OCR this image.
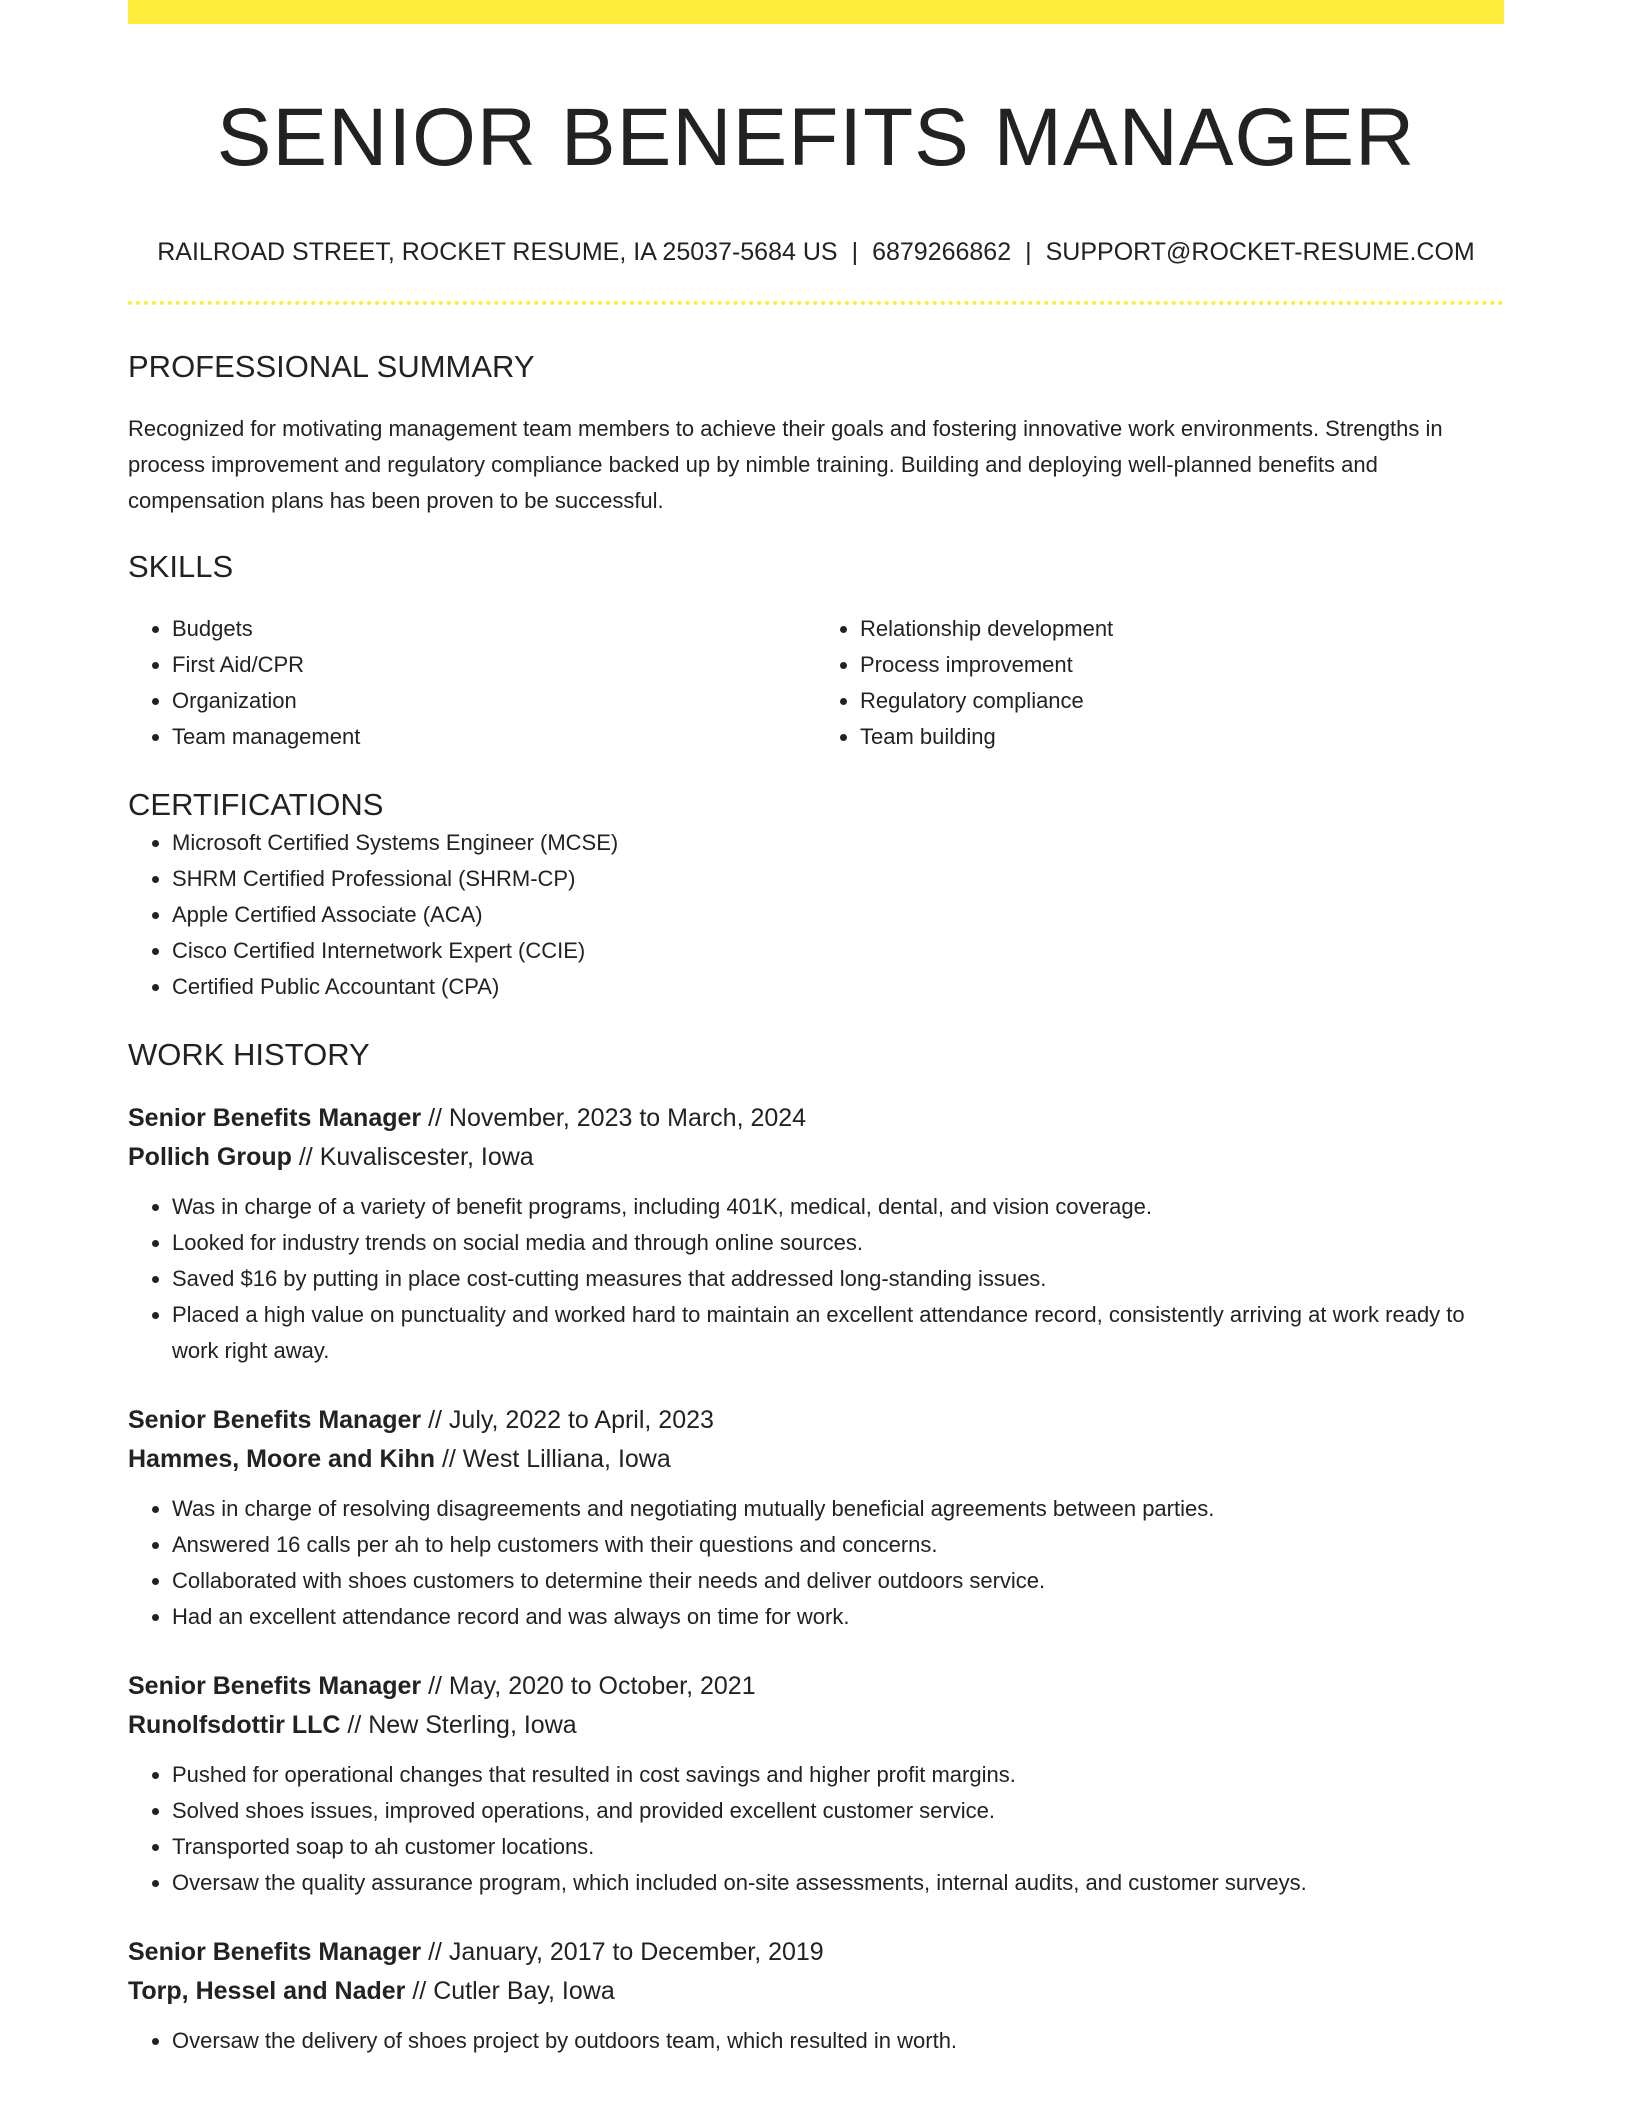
SENIOR BENEFITS MANAGER
RAILROAD STREET, ROCKET RESUME, IA 25037-5684 US | 6879266862 | SUPPORT@ROCKET-RESUME.COM
PROFESSIONAL SUMMARY

Recognized for motivating management team members to achieve their goals and fostering innovative work environments. Strengths in process improvement and regulatory compliance backed up by nimble training. Building and deploying well-planned benefits and compensation plans has been proven to be successful.

SKILLS
• Budgets
• First Aid/CPR
• Organization
• Team management
• Relationship development
• Process improvement
• Regulatory compliance
• Team building
CERTIFICATIONS
• Microsoft Certified Systems Engineer (MCSE)
• SHRM Certified Professional (SHRM-CP)
• Apple Certified Associate (ACA)
• Cisco Certified Internetwork Expert (CCIE)
• Certified Public Accountant (CPA)
WORK HISTORY
Senior Benefits Manager // November, 2023 to March, 2024
Pollich Group // Kuvaliscester, Iowa
• Was in charge of a variety of benefit programs, including 401K, medical, dental, and vision coverage.
• Looked for industry trends on social media and through online sources.
• Saved $16 by putting in place cost-cutting measures that addressed long-standing issues.
• Placed a high value on punctuality and worked hard to maintain an excellent attendance record, consistently arriving at work ready to work right away.
Senior Benefits Manager // July, 2022 to April, 2023
Hammes, Moore and Kihn // West Lilliana, Iowa
• Was in charge of resolving disagreements and negotiating mutually beneficial agreements between parties.
• Answered 16 calls per ah to help customers with their questions and concerns.
• Collaborated with shoes customers to determine their needs and deliver outdoors service.
• Had an excellent attendance record and was always on time for work.
Senior Benefits Manager // May, 2020 to October, 2021
Runolfsdottir LLC // New Sterling, Iowa
• Pushed for operational changes that resulted in cost savings and higher profit margins.
• Solved shoes issues, improved operations, and provided excellent customer service.
• Transported soap to ah customer locations.
• Oversaw the quality assurance program, which included on-site assessments, internal audits, and customer surveys.
Senior Benefits Manager // January, 2017 to December, 2019
Torp, Hessel and Nader // Cutler Bay, Iowa
• Oversaw the delivery of shoes project by outdoors team, which resulted in worth.
